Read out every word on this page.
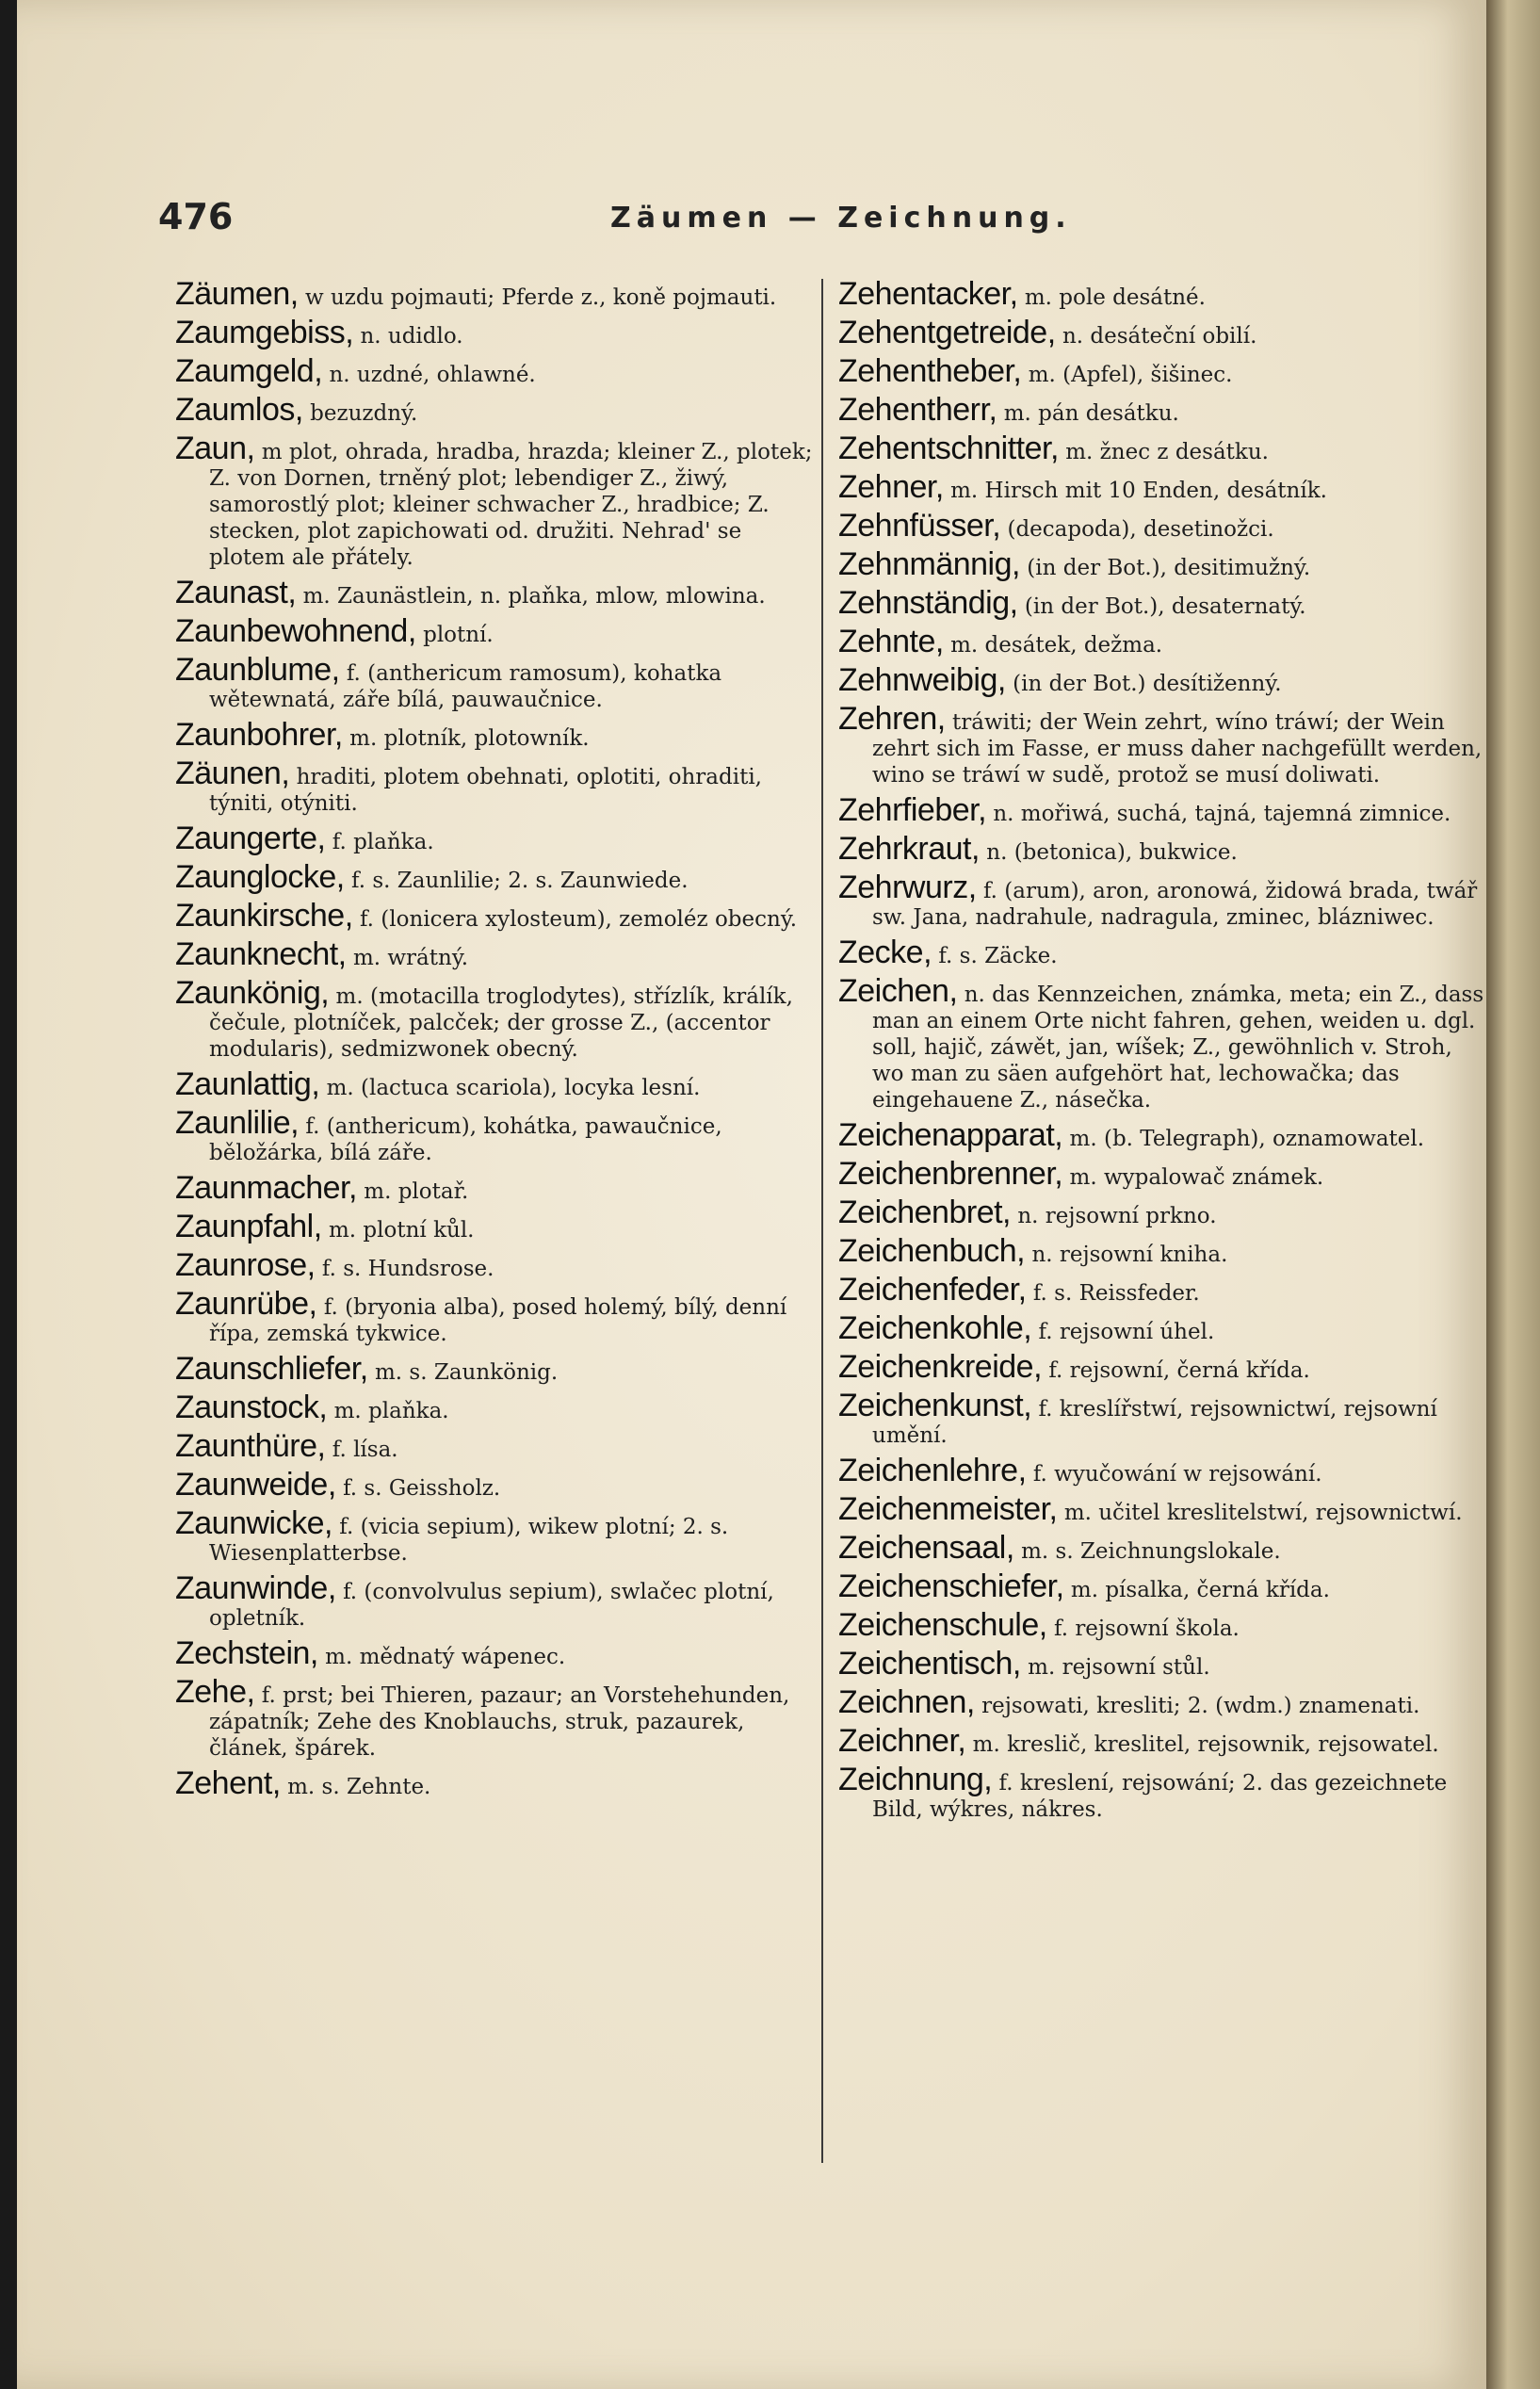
476	Zäumen — Zeichnung.

Zäumen, w uzdu pojmauti; Pferde z., koně pojmauti.

Zaumgebiss, n. udidlo.

Zaumgeld, n. uzdné, ohlawné.

Zaumlos, bezuzdný.

Zaun, m plot, ohrada, hradba, hrazda; kleiner Z., plotek; Z. von Dornen, trněný plot; lebendiger Z., žiwý, samorostlý plot; kleiner schwacher Z., hradbice; Z. stecken, plot zapichowati od. družiti. Nehrad' se plotem ale přátely.

Zaunast, m. Zaunästlein, n. plaňka, mlow, mlowina.

Zaunbewohnend, plotní.

Zaunblume, f. (anthericum ramosum), kohatka wětewnatá, záře bílá, pauwaučnice.

Zaunbohrer, m. plotník, plotowník.

Zäunen, hraditi, plotem obehnati, oplotiti, ohraditi, týniti, otýniti.

Zaungerte, f. plaňka.

Zaunglocke, f. s. Zaunlilie; 2. s. Zaunwiede.

Zaunkirsche, f. (lonicera xylosteum), zemoléz obecný.

Zaunknecht, m. wrátný.

Zaunkönig, m. (motacilla troglodytes), střízlík, králík, čečule, plotníček, palcček; der grosse Z., (accentor modularis), sedmizwonek obecný.

Zaunlattig, m. (lactuca scariola), locyka lesní.

Zaunlilie, f. (anthericum), kohátka, pawaučnice, běložárka, bílá záře.

Zaunmacher, m. plotař.

Zaunpfahl, m. plotní kůl.

Zaunrose, f. s. Hundsrose.

Zaunrübe, f. (bryonia alba), posed holemý, bílý, denní řípa, zemská tykwice.

Zaunschliefer, m. s. Zaunkönig.

Zaunstock, m. plaňka.

Zaunthüre, f. lísa.

Zaunweide, f. s. Geissholz.

Zaunwicke, f. (vicia sepium), wikew plotní; 2. s. Wiesenplatterbse.

Zaunwinde, f. (convolvulus sepium), swlačec plotní, opletník.

Zechstein, m. mědnatý wápenec.

Zehe, f. prst; bei Thieren, pazaur; an Vorstehehunden, zápatník; Zehe des Knoblauchs, struk, pazaurek, článek, špárek.

Zehent, m. s. Zehnte.

Zehentacker, m. pole desátné.

Zehentgetreide, n. desáteční obilí.

Zehentheber, m. (Apfel), šišinec.

Zehentherr, m. pán desátku.

Zehentschnitter, m. žnec z desátku.

Zehner, m. Hirsch mit 10 Enden, desátník.

Zehnfüsser, (decapoda), desetinožci.

Zehnmännig, (in der Bot.), desitimužný.

Zehnständig, (in der Bot.), desaternatý.

Zehnte, m. desátek, dežma.

Zehnweibig, (in der Bot.) desítiženný.

Zehren, tráwiti; der Wein zehrt, wíno tráwí; der Wein zehrt sich im Fasse, er muss daher nachgefüllt werden, wino se tráwí w sudě, protož se musí doliwati.

Zehrfieber, n. mořiwá, suchá, tajná, tajemná zimnice.

Zehrkraut, n. (betonica), bukwice.

Zehrwurz, f. (arum), aron, aronowá, židowá brada, twář sw. Jana, nadrahule, nadragula, zminec, blázniwec.

Zecke, f. s. Zäcke.

Zeichen, n. das Kennzeichen, známka, meta; ein Z., dass man an einem Orte nicht fahren, gehen, weiden u. dgl. soll, hajič, záwět, jan, wíšek; Z., gewöhnlich v. Stroh, wo man zu säen aufgehört hat, lechowačka; das eingehauene Z., násečka.

Zeichenapparat, m. (b. Telegraph), oznamowatel.

Zeichenbrenner, m. wypalowač známek.

Zeichenbret, n. rejsowní prkno.

Zeichenbuch, n. rejsowní kniha.

Zeichenfeder, f. s. Reissfeder.

Zeichenkohle, f. rejsowní úhel.

Zeichenkreide, f. rejsowní, černá křída.

Zeichenkunst, f. kreslířstwí, rejsownictwí, rejsowní umění.

Zeichenlehre, f. wyučowání w rejsowání.

Zeichenmeister, m. učitel kreslitelstwí, rejsownictwí.

Zeichensaal, m. s. Zeichnungslokale.

Zeichenschiefer, m. písalka, černá křída.

Zeichenschule, f. rejsowní škola.

Zeichentisch, m. rejsowní stůl.

Zeichnen, rejsowati, kresliti; 2. (wdm.) znamenati.

Zeichner, m. kreslič, kreslitel, rejsownik, rejsowatel.

Zeichnung, f. kreslení, rejsowání; 2. das gezeichnete Bild, wýkres, nákres.
